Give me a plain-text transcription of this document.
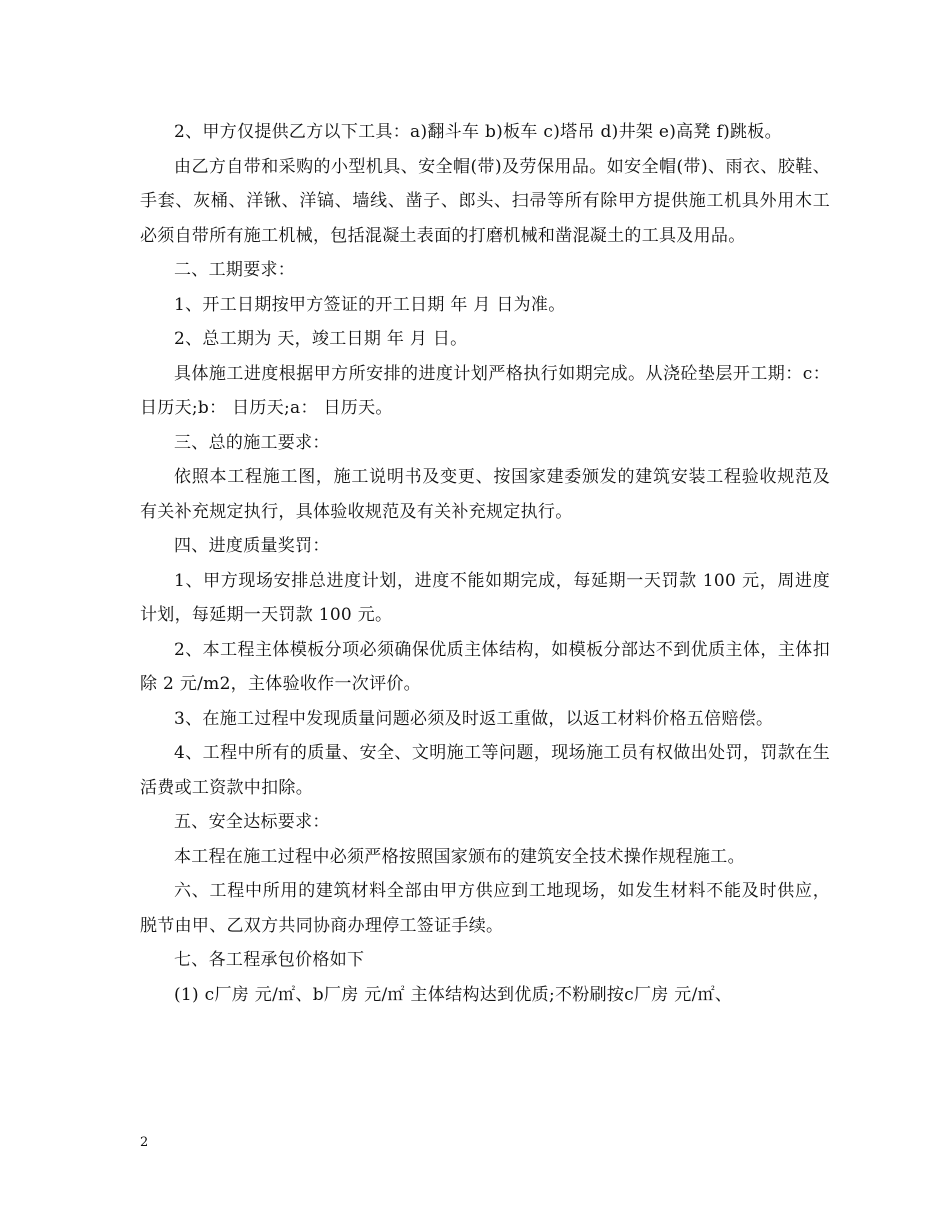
2、甲方仅提供乙方以下工具：a)翻斗车 b)板车 c)塔吊 d)井架 e)高凳 f)跳板。

由乙方自带和采购的小型机具、安全帽(带)及劳保用品。如安全帽(带)、雨衣、胶鞋、手套、灰桶、洋锹、洋镐、墙线、凿子、郎头、扫帚等所有除甲方提供施工机具外用木工必须自带所有施工机械，包括混凝土表面的打磨机械和凿混凝土的工具及用品。

二、工期要求：

1、开工日期按甲方签证的开工日期 年 月 日为准。

2、总工期为 天，竣工日期 年 月 日。

具体施工进度根据甲方所安排的进度计划严格执行如期完成。从浇砼垫层开工期：c： 日历天;b： 日历天;a： 日历天。

三、总的施工要求：

依照本工程施工图，施工说明书及变更、按国家建委颁发的建筑安装工程验收规范及有关补充规定执行，具体验收规范及有关补充规定执行。

四、进度质量奖罚：

1、甲方现场安排总进度计划，进度不能如期完成，每延期一天罚款 100 元，周进度计划，每延期一天罚款 100 元。

2、本工程主体模板分项必须确保优质主体结构，如模板分部达不到优质主体，主体扣除 2 元/m2，主体验收作一次评价。

3、在施工过程中发现质量问题必须及时返工重做，以返工材料价格五倍赔偿。

4、工程中所有的质量、安全、文明施工等问题，现场施工员有权做出处罚，罚款在生活费或工资款中扣除。

五、安全达标要求：

本工程在施工过程中必须严格按照国家颁布的建筑安全技术操作规程施工。

六、工程中所用的建筑材料全部由甲方供应到工地现场，如发生材料不能及时供应，脱节由甲、乙双方共同协商办理停工签证手续。

七、各工程承包价格如下

(1) c厂房 元/㎡、b厂房 元/㎡ 主体结构达到优质;不粉刷按c厂房 元/㎡、

2
